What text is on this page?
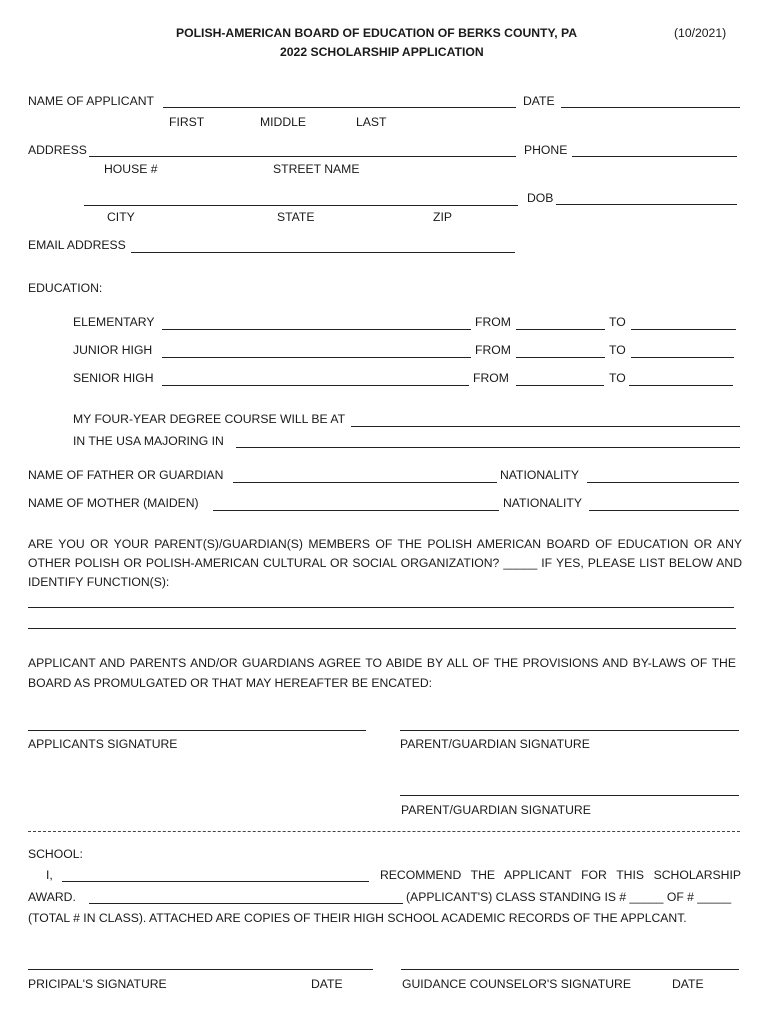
POLISH-AMERICAN BOARD OF EDUCATION OF BERKS COUNTY, PA
2022 SCHOLARSHIP APPLICATION
(10/2021)
NAME OF APPLICANT
FIRST	MIDDLE	LAST
DATE
ADDRESS
HOUSE #	STREET NAME
PHONE
CITY	STATE	ZIP
DOB
EMAIL ADDRESS
EDUCATION:
ELEMENTARY	FROM	TO
JUNIOR HIGH	FROM	TO
SENIOR HIGH	FROM	TO
MY FOUR-YEAR DEGREE COURSE WILL BE AT
IN THE USA MAJORING IN
NAME OF FATHER OR GUARDIAN	NATIONALITY
NAME OF MOTHER (MAIDEN)	NATIONALITY
ARE YOU OR YOUR PARENT(S)/GUARDIAN(S) MEMBERS OF THE POLISH AMERICAN BOARD OF EDUCATION OR ANY
OTHER POLISH OR POLISH-AMERICAN CULTURAL OR SOCIAL ORGANIZATION? _____ IF YES, PLEASE LIST BELOW AND
IDENTIFY FUNCTION(S):
APPLICANT AND PARENTS AND/OR GUARDIANS AGREE TO ABIDE BY ALL OF THE PROVISIONS AND BY-LAWS OF THE
BOARD AS PROMULGATED OR THAT MAY HEREAFTER BE ENCATED:
APPLICANTS SIGNATURE	PARENT/GUARDIAN SIGNATURE
PARENT/GUARDIAN SIGNATURE
SCHOOL:
I,	RECOMMEND THE APPLICANT FOR THIS SCHOLARSHIP
AWARD.	(APPLICANT'S) CLASS STANDING IS # _____ OF # _____
(TOTAL # IN CLASS). ATTACHED ARE COPIES OF THEIR HIGH SCHOOL ACADEMIC RECORDS OF THE APPLCANT.
PRICIPAL'S SIGNATURE	DATE	GUIDANCE COUNSELOR'S SIGNATURE	DATE
